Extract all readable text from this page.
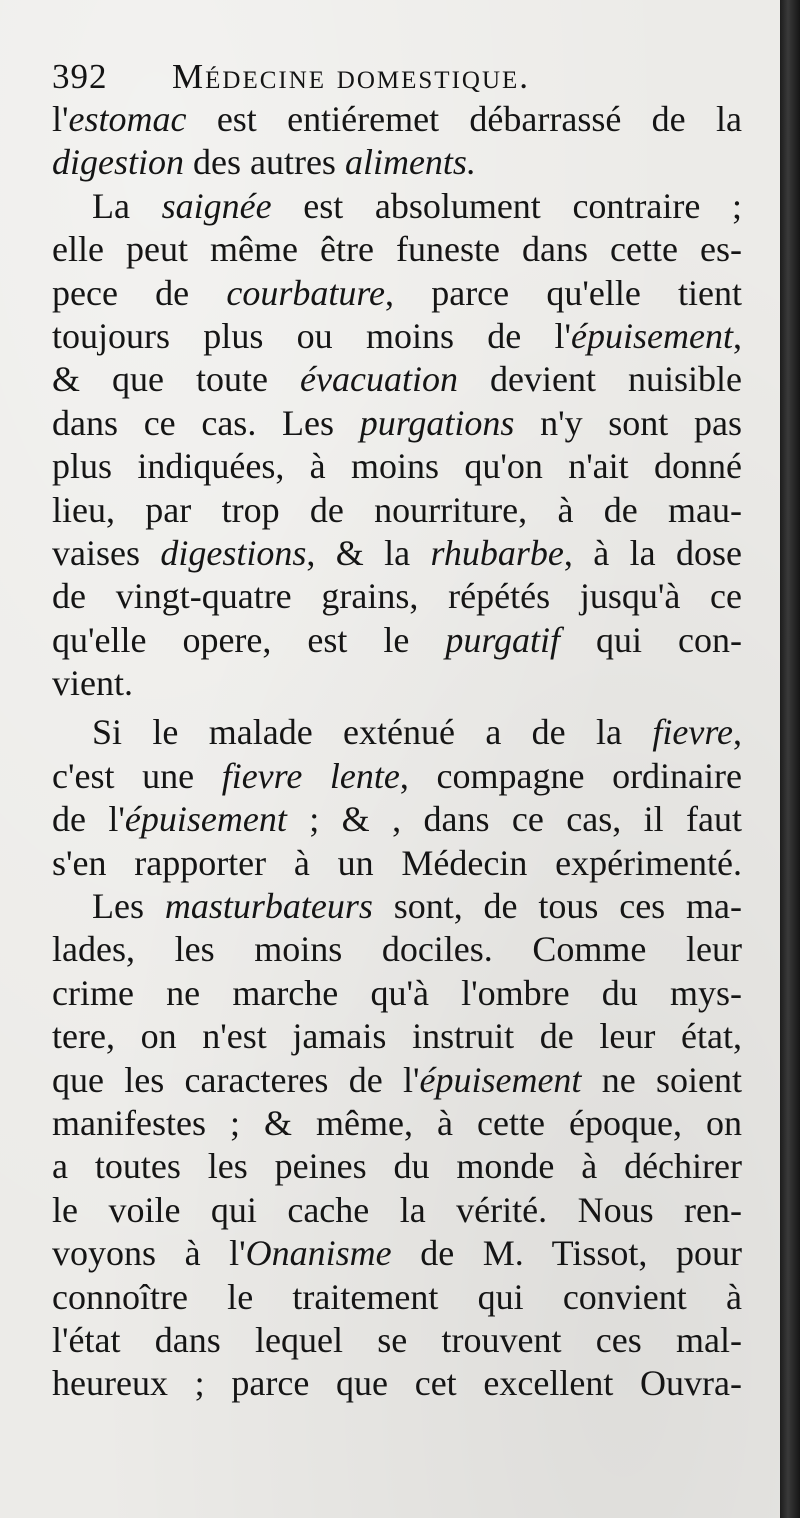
392 Médecine domestique.
l'estomac est entiéremet débarrassé de la
digestion des autres aliments.
La saignée est absolument contraire ;
elle peut même être funeste dans cette es-
pece de courbature, parce qu'elle tient
toujours plus ou moins de l'épuisement,
& que toute évacuation devient nuisible
dans ce cas. Les purgations n'y sont pas
plus indiquées, à moins qu'on n'ait donné
lieu, par trop de nourriture, à de mau-
vaises digestions, & la rhubarbe, à la dose
de vingt-quatre grains, répétés jusqu'à ce
qu'elle opere, est le purgatif qui con-
vient.
Si le malade exténué a de la fievre,
c'est une fievre lente, compagne ordinaire
de l'épuisement ; & , dans ce cas, il faut
s'en rapporter à un Médecin expérimenté.
Les masturbateurs sont, de tous ces ma-
lades, les moins dociles. Comme leur
crime ne marche qu'à l'ombre du mys-
tere, on n'est jamais instruit de leur état,
que les caracteres de l'épuisement ne soient
manifestes ; & même, à cette époque, on
a toutes les peines du monde à déchirer
le voile qui cache la vérité. Nous ren-
voyons à l'Onanisme de M. Tissot, pour
connoître le traitement qui convient à
l'état dans lequel se trouvent ces mal-
heureux ; parce que cet excellent Ouvra-
